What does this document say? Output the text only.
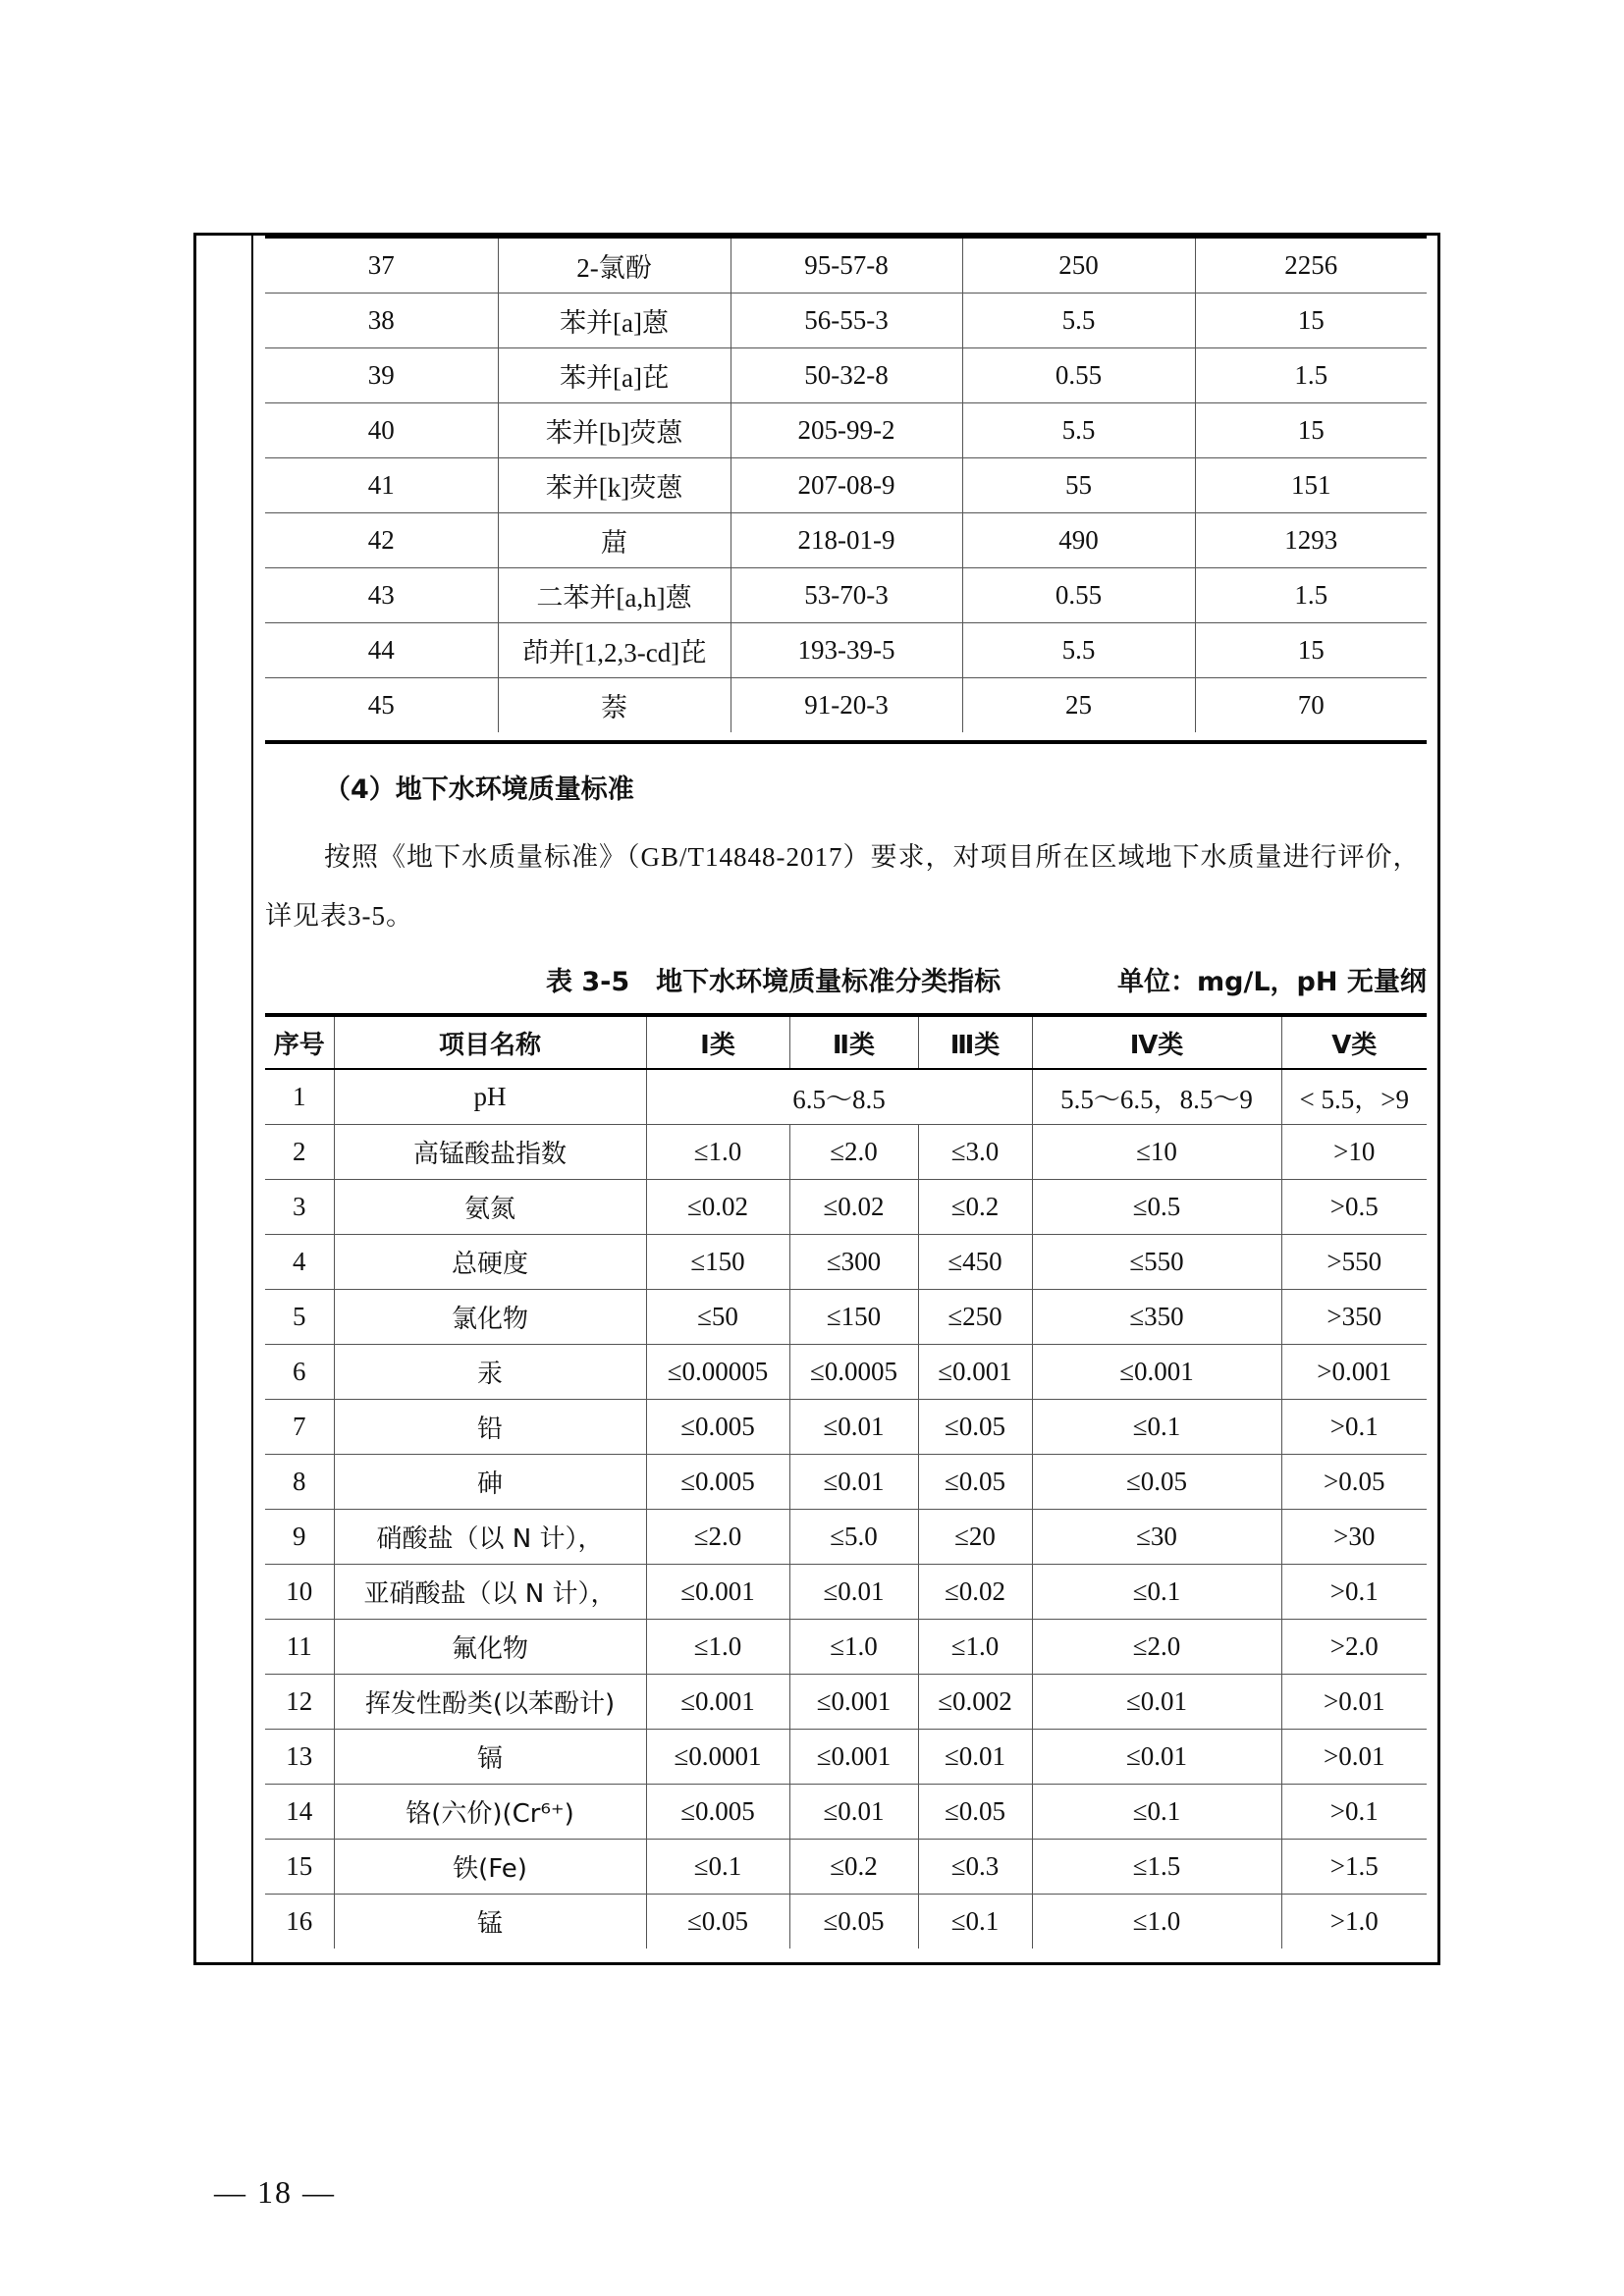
37	2-氯酚	95-57-8	250	2256
38	苯并[a]蒽	56-55-3	5.5	15
39	苯并[a]芘	50-32-8	0.55	1.5
40	苯并[b]荧蒽	205-99-2	5.5	15
41	苯并[k]荧蒽	207-08-9	55	151
42	䓛	218-01-9	490	1293
43	二苯并[a,h]蒽	53-70-3	0.55	1.5
44	茚并[1,2,3-cd]芘	193-39-5	5.5	15
45	萘	91-20-3	25	70

（4）地下水环境质量标准

按照《地下水质量标准》（GB/T14848-2017）要求，对项目所在区域地下水质量进行评价，详见表3-5。

表 3-5　地下水环境质量标准分类指标	单位：mg/L，pH 无量纲
序号	项目名称	Ⅰ类	Ⅱ类	Ⅲ类	Ⅳ类	Ⅴ类
1	pH	6.5～8.5			5.5～6.5，8.5～9	< 5.5，>9
2	高锰酸盐指数	≤1.0	≤2.0	≤3.0	≤10	>10
3	氨氮	≤0.02	≤0.02	≤0.2	≤0.5	>0.5
4	总硬度	≤150	≤300	≤450	≤550	>550
5	氯化物	≤50	≤150	≤250	≤350	>350
6	汞	≤0.00005	≤0.0005	≤0.001	≤0.001	>0.001
7	铅	≤0.005	≤0.01	≤0.05	≤0.1	>0.1
8	砷	≤0.005	≤0.01	≤0.05	≤0.05	>0.05
9	硝酸盐（以 N 计），	≤2.0	≤5.0	≤20	≤30	>30
10	亚硝酸盐（以 N 计），	≤0.001	≤0.01	≤0.02	≤0.1	>0.1
11	氟化物	≤1.0	≤1.0	≤1.0	≤2.0	>2.0
12	挥发性酚类(以苯酚计)	≤0.001	≤0.001	≤0.002	≤0.01	>0.01
13	镉	≤0.0001	≤0.001	≤0.01	≤0.01	>0.01
14	铬(六价)(Cr⁶⁺)	≤0.005	≤0.01	≤0.05	≤0.1	>0.1
15	铁(Fe)	≤0.1	≤0.2	≤0.3	≤1.5	>1.5
16	锰	≤0.05	≤0.05	≤0.1	≤1.0	>1.0
— 18 —
